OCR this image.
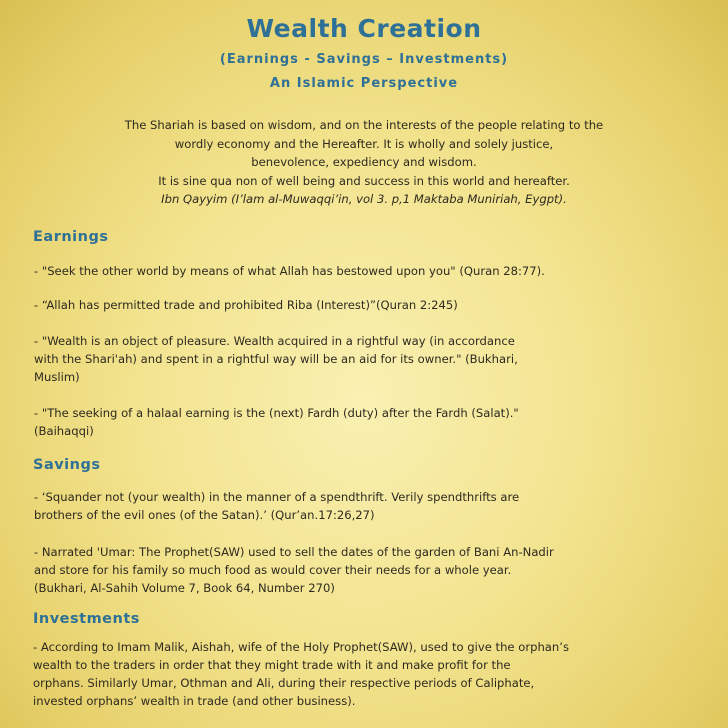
Wealth Creation
(Earnings - Savings – Investments)
An Islamic Perspective
The Shariah is based on wisdom, and on the interests of the people relating to the
wordly economy and the Hereafter. It is wholly and solely justice,
benevolence, expediency and wisdom.
It is sine qua non of well being and success in this world and hereafter.
Ibn Qayyim (I’lam al-Muwaqqi’in, vol 3. p,1 Maktaba Muniriah, Eygpt).
Earnings
- "Seek the other world by means of what Allah has bestowed upon you" (Quran 28:77).
- “Allah has permitted trade and prohibited Riba (Interest)”(Quran 2:245)
- "Wealth is an object of pleasure. Wealth acquired in a rightful way (in accordance
with the Shari'ah) and spent in a rightful way will be an aid for its owner." (Bukhari,
Muslim)
- "The seeking of a halaal earning is the (next) Fardh (duty) after the Fardh (Salat)."
(Baihaqqi)
Savings
- ‘Squander not (your wealth) in the manner of a spendthrift. Verily spendthrifts are
brothers of the evil ones (of the Satan).’ (Qur’an.17:26,27)
- Narrated 'Umar: The Prophet(SAW) used to sell the dates of the garden of Bani An-Nadir
and store for his family so much food as would cover their needs for a whole year.
(Bukhari, Al-Sahih Volume 7, Book 64, Number 270)
Investments
- According to Imam Malik, Aishah, wife of the Holy Prophet(SAW), used to give the orphan’s
wealth to the traders in order that they might trade with it and make profit for the
orphans. Similarly Umar, Othman and Ali, during their respective periods of Caliphate,
invested orphans’ wealth in trade (and other business).
